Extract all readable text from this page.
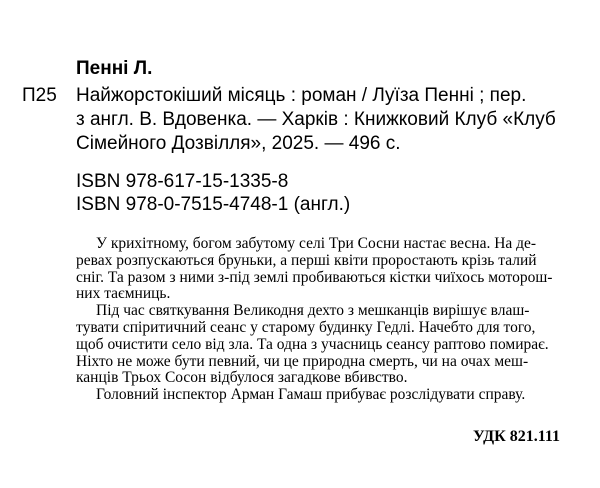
Пенні Л.
П25 Найжорстокіший місяць : роман / Луїза Пенні ; пер.
з англ. В. Вдовенка. — Харків : Книжковий Клуб «Клуб
Сімейного Дозвілля», 2025. — 496 с.
ISBN 978-617-15-1335-8
ISBN 978-0-7515-4748-1 (англ.)
У крихітному, богом забутому селі Три Сосни настає весна. На де-
ревах розпускаються бруньки, а перші квіти проростають крізь талий
сніг. Та разом з ними з-під землі пробиваються кістки чиїхось моторош-
них таємниць.
Під час святкування Великодня дехто з мешканців вирішує влаш-
тувати спіритичний сеанс у старому будинку Гедлі. Начебто для того,
щоб очистити село від зла. Та одна з учасниць сеансу раптово помирає.
Ніхто не може бути певний, чи це природна смерть, чи на очах меш-
канців Трьох Сосон відбулося загадкове вбивство.
Головний інспектор Арман Гамаш прибуває розслідувати справу.
УДК 821.111
